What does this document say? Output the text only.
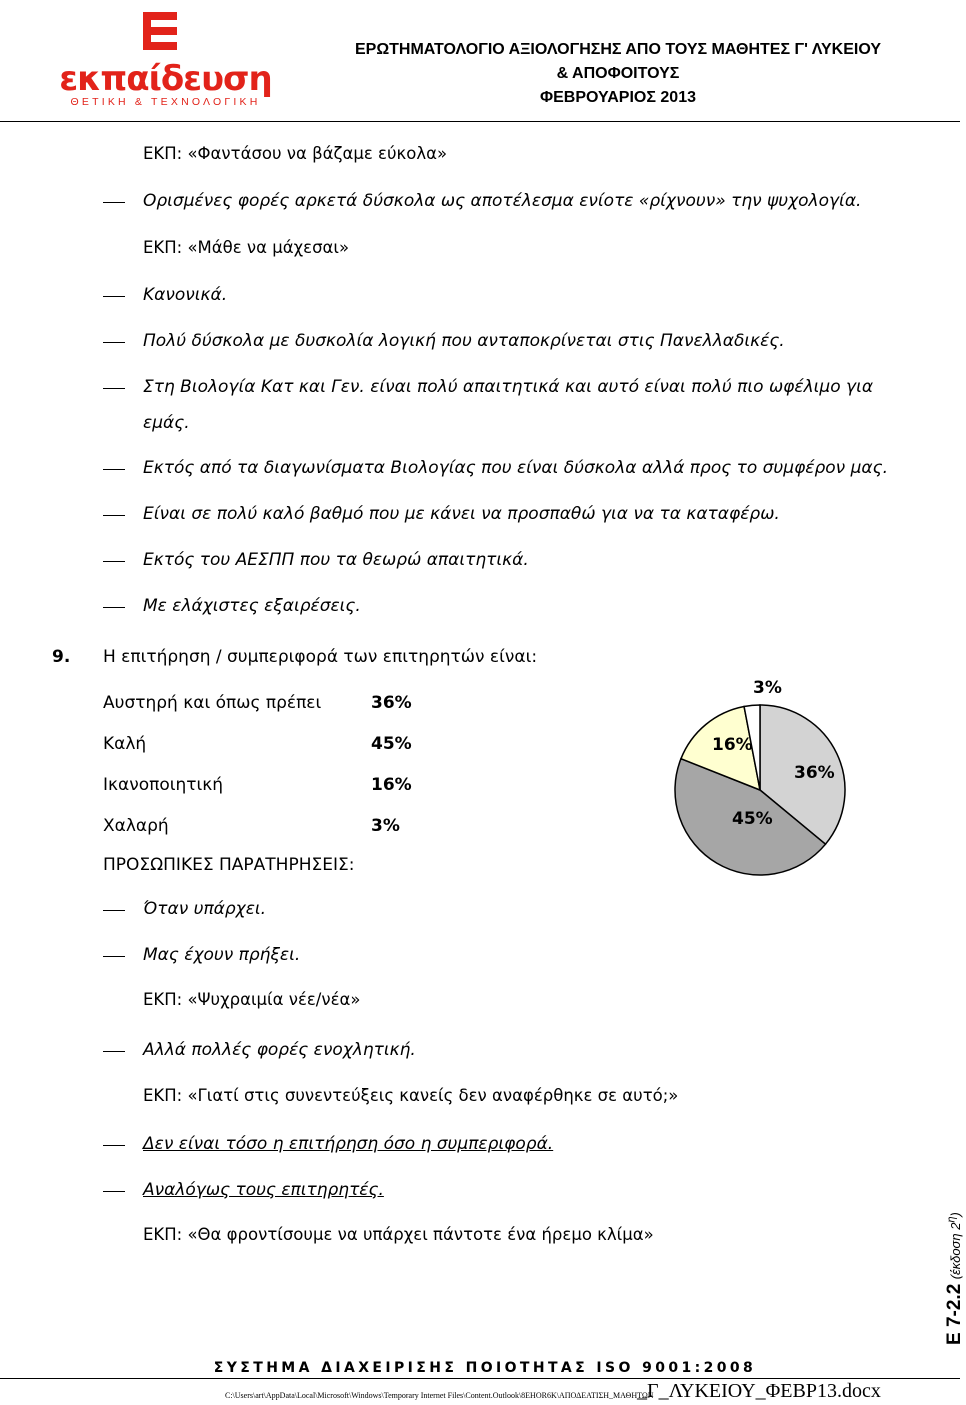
εκπαίδευση
ΘΕΤΙΚΗ & ΤΕΧΝΟΛΟΓΙΚΗ
ΕΡΩΤΗΜΑΤΟΛΟΓΙΟ ΑΞΙΟΛΟΓΗΣΗΣ ΑΠΟ ΤΟΥΣ ΜΑΘΗΤΕΣ Γ' ΛΥΚΕΙΟΥ
& ΑΠΟΦΟΙΤΟΥΣ
ΦΕΒΡΟΥΑΡΙΟΣ 2013
ΕΚΠ: «Φαντάσου να βάζαμε εύκολα»
Ορισμένες φορές αρκετά δύσκολα ως αποτέλεσμα ενίοτε «ρίχνουν» την ψυχολογία.
ΕΚΠ: «Μάθε να μάχεσαι»
Κανονικά.
Πολύ δύσκολα με δυσκολία λογική που ανταποκρίνεται στις Πανελλαδικές.
Στη Βιολογία Κατ και Γεν. είναι πολύ απαιτητικά και αυτό είναι πολύ πιο ωφέλιμο για
εμάς.
Εκτός από τα διαγωνίσματα Βιολογίας που είναι δύσκολα αλλά προς το συμφέρον μας.
Είναι σε πολύ καλό βαθμό που με κάνει να προσπαθώ για να τα καταφέρω.
Εκτός του ΑΕΣΠΠ που τα θεωρώ απαιτητικά.
Με ελάχιστες εξαιρέσεις.
9. Η επιτήρηση / συμπεριφορά των επιτηρητών είναι:
Αυστηρή και όπως πρέπει	36%
Καλή	45%
Ικανοποιητική	16%
Χαλαρή	3%
ΠΡΟΣΩΠΙΚΕΣ ΠΑΡΑΤΗΡΗΣΕΙΣ:
36%
45%
16%
3%
Όταν υπάρχει.
Μας έχουν πρήξει.
ΕΚΠ: «Ψυχραιμία νέε/νέα»
Αλλά πολλές φορές ενοχλητική.
ΕΚΠ: «Γιατί στις συνεντεύξεις κανείς δεν αναφέρθηκε σε αυτό;»
Δεν είναι τόσο η επιτήρηση όσο η συμπεριφορά.
Αναλόγως τους επιτηρητές.
ΕΚΠ: «Θα φροντίσουμε να υπάρχει πάντοτε ένα ήρεμο κλίμα»
ΣΥΣΤΗΜΑ ΔΙΑΧΕΙΡΙΣΗΣ ΠΟΙΟΤΗΤΑΣ ISO 9001:2008
C:\Users\art\AppData\Local\Microsoft\Windows\Temporary Internet Files\Content.Outlook\8EHOR6K\ΑΠΟΔΕΑΤΙΣΗ_ΜΑΘΗΤΩΝ
_Γ_ΛΥΚΕΙΟΥ_ΦΕΒΡ13.docx
Ε 7-2.2 (έκδοση $2^\eta$)
